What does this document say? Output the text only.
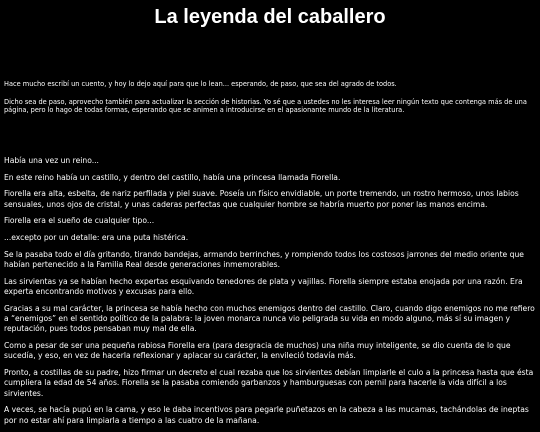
La leyenda del caballero

Hace mucho escribí un cuento, y hoy lo dejo aquí para que lo lean... esperando, de paso, que sea del agrado de todos.

Dicho sea de paso, aprovecho también para actualizar la sección de historias. Yo sé que a ustedes no les interesa leer ningún texto que contenga más de una página, pero lo hago de todas formas, esperando que se animen a introducirse en el apasionante mundo de la literatura.

Había una vez un reino...

En este reino había un castillo, y dentro del castillo, había una princesa llamada Fiorella.

Fiorella era alta, esbelta, de nariz perfilada y piel suave. Poseía un físico envidiable, un porte tremendo, un rostro hermoso, unos labios sensuales, unos ojos de cristal, y unas caderas perfectas que cualquier hombre se habría muerto por poner las manos encima.

Fiorella era el sueño de cualquier tipo...

...excepto por un detalle: era una puta histérica.

Se la pasaba todo el día gritando, tirando bandejas, armando berrinches, y rompiendo todos los costosos jarrones del medio oriente que habían pertenecido a la Familia Real desde generaciones inmemorables.

Las sirvientas ya se habían hecho expertas esquivando tenedores de plata y vajillas. Fiorella siempre estaba enojada por una razón. Era experta encontrando motivos y excusas para ello.

Gracias a su mal carácter, la princesa se había hecho con muchos enemigos dentro del castillo. Claro, cuando digo enemigos no me refiero a “enemigos” en el sentido político de la palabra: la joven monarca nunca vio peligrada su vida en modo alguno, más sí su imagen y reputación, pues todos pensaban muy mal de ella.

Como a pesar de ser una pequeña rabiosa Fiorella era (para desgracia de muchos) una niña muy inteligente, se dio cuenta de lo que sucedía, y eso, en vez de hacerla reflexionar y aplacar su carácter, la envileció todavía más.

Pronto, a costillas de su padre, hizo firmar un decreto el cual rezaba que los sirvientes debían limpiarle el culo a la princesa hasta que ésta cumpliera la edad de 54 años. Fiorella se la pasaba comiendo garbanzos y hamburguesas con pernil para hacerle la vida difícil a los sirvientes.

A veces, se hacía pupú en la cama, y eso le daba incentivos para pegarle puñetazos en la cabeza a las mucamas, tachándolas de ineptas por no estar ahí para limpiarla a tiempo a las cuatro de la mañana.
